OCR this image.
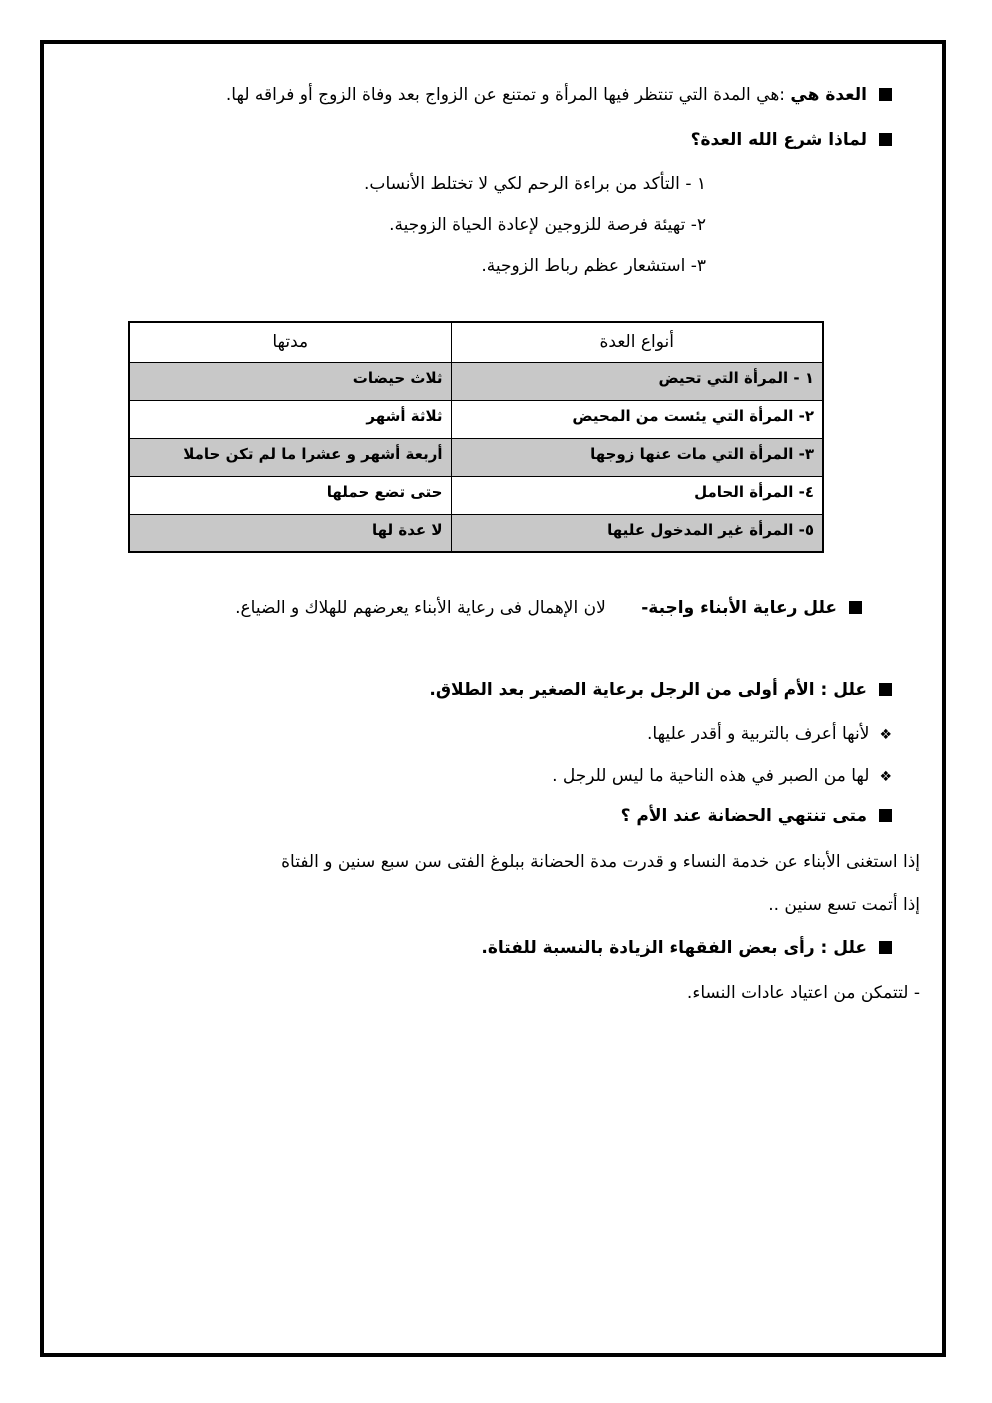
العدة هي :هي المدة التي تنتظر فيها المرأة و تمتنع عن الزواج بعد وفاة الزوج أو فراقه لها.
لماذا شرع الله العدة؟
١ - التأكد من براءة الرحم لكي لا تختلط الأنساب.
٢- تهيئة فرصة للزوجين لإعادة الحياة الزوجية.
٣- استشعار عظم رباط الزوجية.
أنواع العدة	مدتها
١ - المرأة التي تحيض	ثلاث حيضات
٢- المرأة التي يئست من المحيض	ثلاثة أشهر
٣- المرأة التي مات عنها زوجها	أربعة أشهر و عشرا ما لم تكن حاملا
٤- المرأة الحامل	حتى تضع حملها
٥- المرأة غير المدخول عليها	لا عدة لها
علل رعاية الأبناء واجبة- لان الإهمال فى رعاية الأبناء يعرضهم للهلاك و الضياع.
علل : الأم أولى من الرجل برعاية الصغير بعد الطلاق.
❖لأنها أعرف بالتربية و أقدر عليها.
❖لها من الصبر في هذه الناحية ما ليس للرجل .
متى تنتهي الحضانة عند الأم ؟
إذا استغنى الأبناء عن خدمة النساء و قدرت مدة الحضانة ببلوغ الفتى سن سبع سنين و الفتاة
إذا أتمت تسع سنين ..
علل : رأى بعض الفقهاء الزيادة بالنسبة للفتاة.
- لتتمكن من اعتياد عادات النساء.
